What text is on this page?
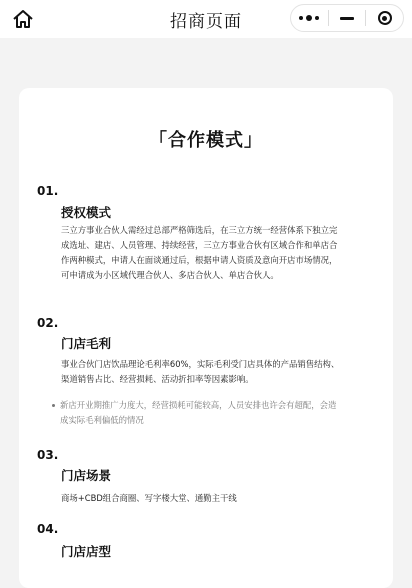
招商页面
「合作模式」
01.
授权模式
三立方事业合伙人需经过总部严格筛选后，在三立方统一经营体系下独立完
成选址、建店、人员管理、持续经营，三立方事业合伙有区域合作和单店合
作两种模式，申请人在面谈通过后，根据申请人资质及意向开店市场情况，
可申请成为小区域代理合伙人、多店合伙人、单店合伙人。
02.
门店毛利
事业合伙门店饮品理论毛利率60%，实际毛利受门店具体的产品销售结构、
渠道销售占比、经营损耗、活动折扣率等因素影响。
新店开业期推广力度大，经营损耗可能较高，人员安排也许会有超配，会造
成实际毛利偏低的情况
03.
门店场景
商场+CBD组合商圈、写字楼大堂、通勤主干线
04.
门店店型
